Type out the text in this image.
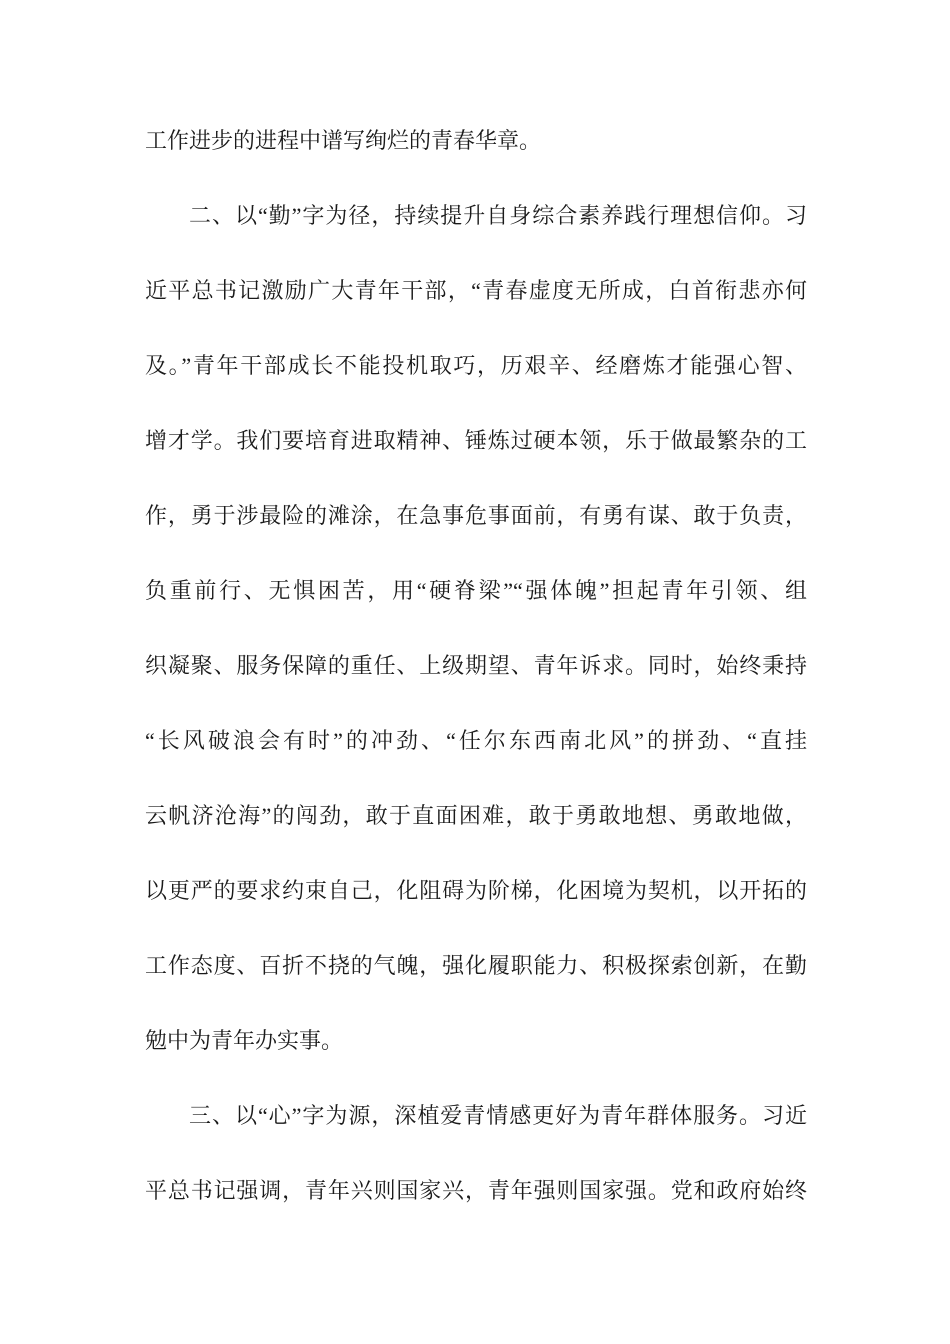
工作进步的进程中谱写绚烂的青春华章。
二、以“勤”字为径，持续提升自身综合素养践行理想信仰。习
近平总书记激励广大青年干部，“青春虚度无所成，白首衔悲亦何
及。”青年干部成长不能投机取巧，历艰辛、经磨炼才能强心智、
增才学。我们要培育进取精神、锤炼过硬本领，乐于做最繁杂的工
作，勇于涉最险的滩涂，在急事危事面前，有勇有谋、敢于负责，
负重前行、无惧困苦，用“硬脊梁”“强体魄”担起青年引领、组
织凝聚、服务保障的重任、上级期望、青年诉求。同时，始终秉持
“长风破浪会有时”的冲劲、“任尔东西南北风”的拼劲、“直挂
云帆济沧海”的闯劲，敢于直面困难，敢于勇敢地想、勇敢地做，
以更严的要求约束自己，化阻碍为阶梯，化困境为契机，以开拓的
工作态度、百折不挠的气魄，强化履职能力、积极探索创新，在勤
勉中为青年办实事。
三、以“心”字为源，深植爱青情感更好为青年群体服务。习近
平总书记强调，青年兴则国家兴，青年强则国家强。党和政府始终
